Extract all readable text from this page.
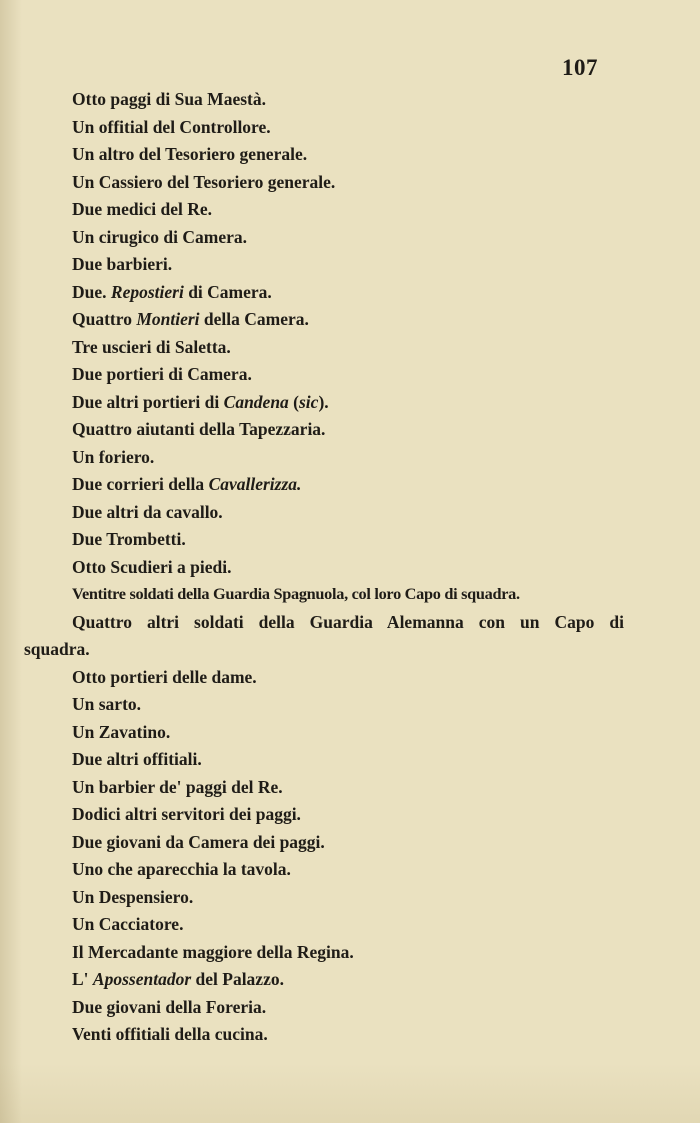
107
Otto paggi di Sua Maestà.
Un offitial del Controllore.
Un altro del Tesoriero generale.
Un Cassiero del Tesoriero generale.
Due medici del Re.
Un cirugico di Camera.
Due barbieri.
Due. Repostieri di Camera.
Quattro Montieri della Camera.
Tre uscieri di Saletta.
Due portieri di Camera.
Due altri portieri di Candena (sic).
Quattro aiutanti della Tapezzaria.
Un foriero.
Due corrieri della Cavallerizza.
Due altri da cavallo.
Due Trombetti.
Otto Scudieri a piedi.
Ventitre soldati della Guardia Spagnuola, col loro Capo di squadra.
Quattro altri soldati della Guardia Alemanna con un Capo di
squadra.
Otto portieri delle dame.
Un sarto.
Un Zavatino.
Due altri offitiali.
Un barbier de' paggi del Re.
Dodici altri servitori dei paggi.
Due giovani da Camera dei paggi.
Uno che aparecchia la tavola.
Un Despensiero.
Un Cacciatore.
Il Mercadante maggiore della Regina.
L' Apossentador del Palazzo.
Due giovani della Foreria.
Venti offitiali della cucina.
